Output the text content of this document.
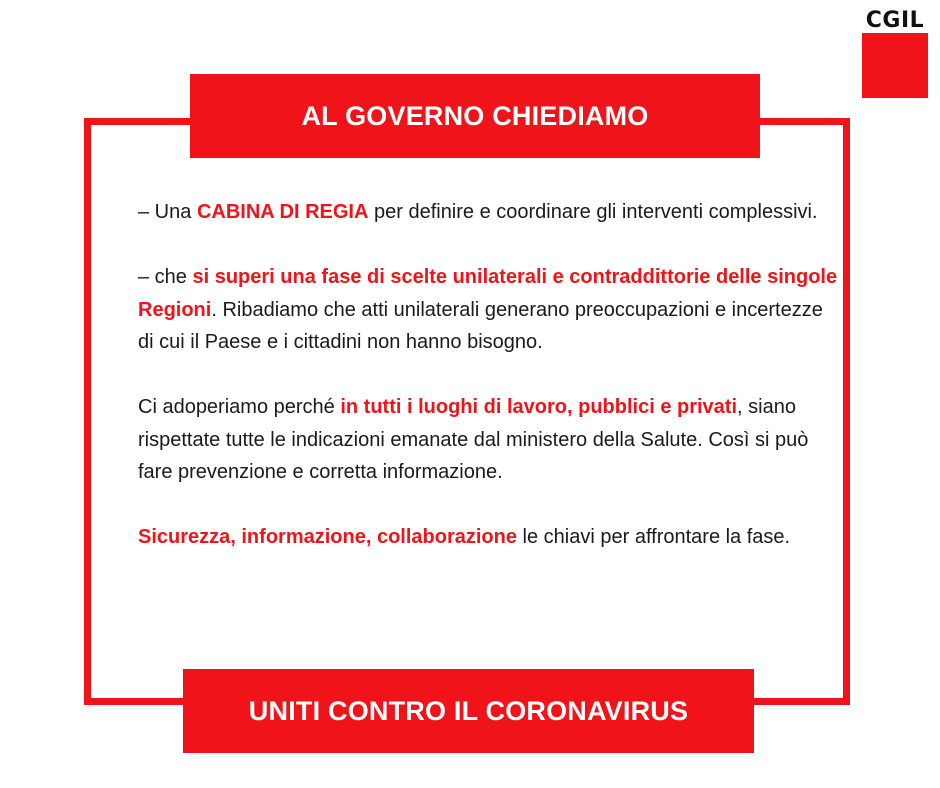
AL GOVERNO CHIEDIAMO
CGIL

– Una CABINA DI REGIA per definire e coordinare gli interventi complessivi.

– che si superi una fase di scelte unilaterali e contraddittorie delle singole Regioni. Ribadiamo che atti unilaterali generano preoccupazioni e incertezze di cui il Paese e i cittadini non hanno bisogno.

Ci adoperiamo perché in tutti i luoghi di lavoro, pubblici e privati, siano rispettate tutte le indicazioni emanate dal ministero della Salute. Così si può fare prevenzione e corretta informazione.

Sicurezza, informazione, collaborazione le chiavi per affrontare la fase.

UNITI CONTRO IL CORONAVIRUS
